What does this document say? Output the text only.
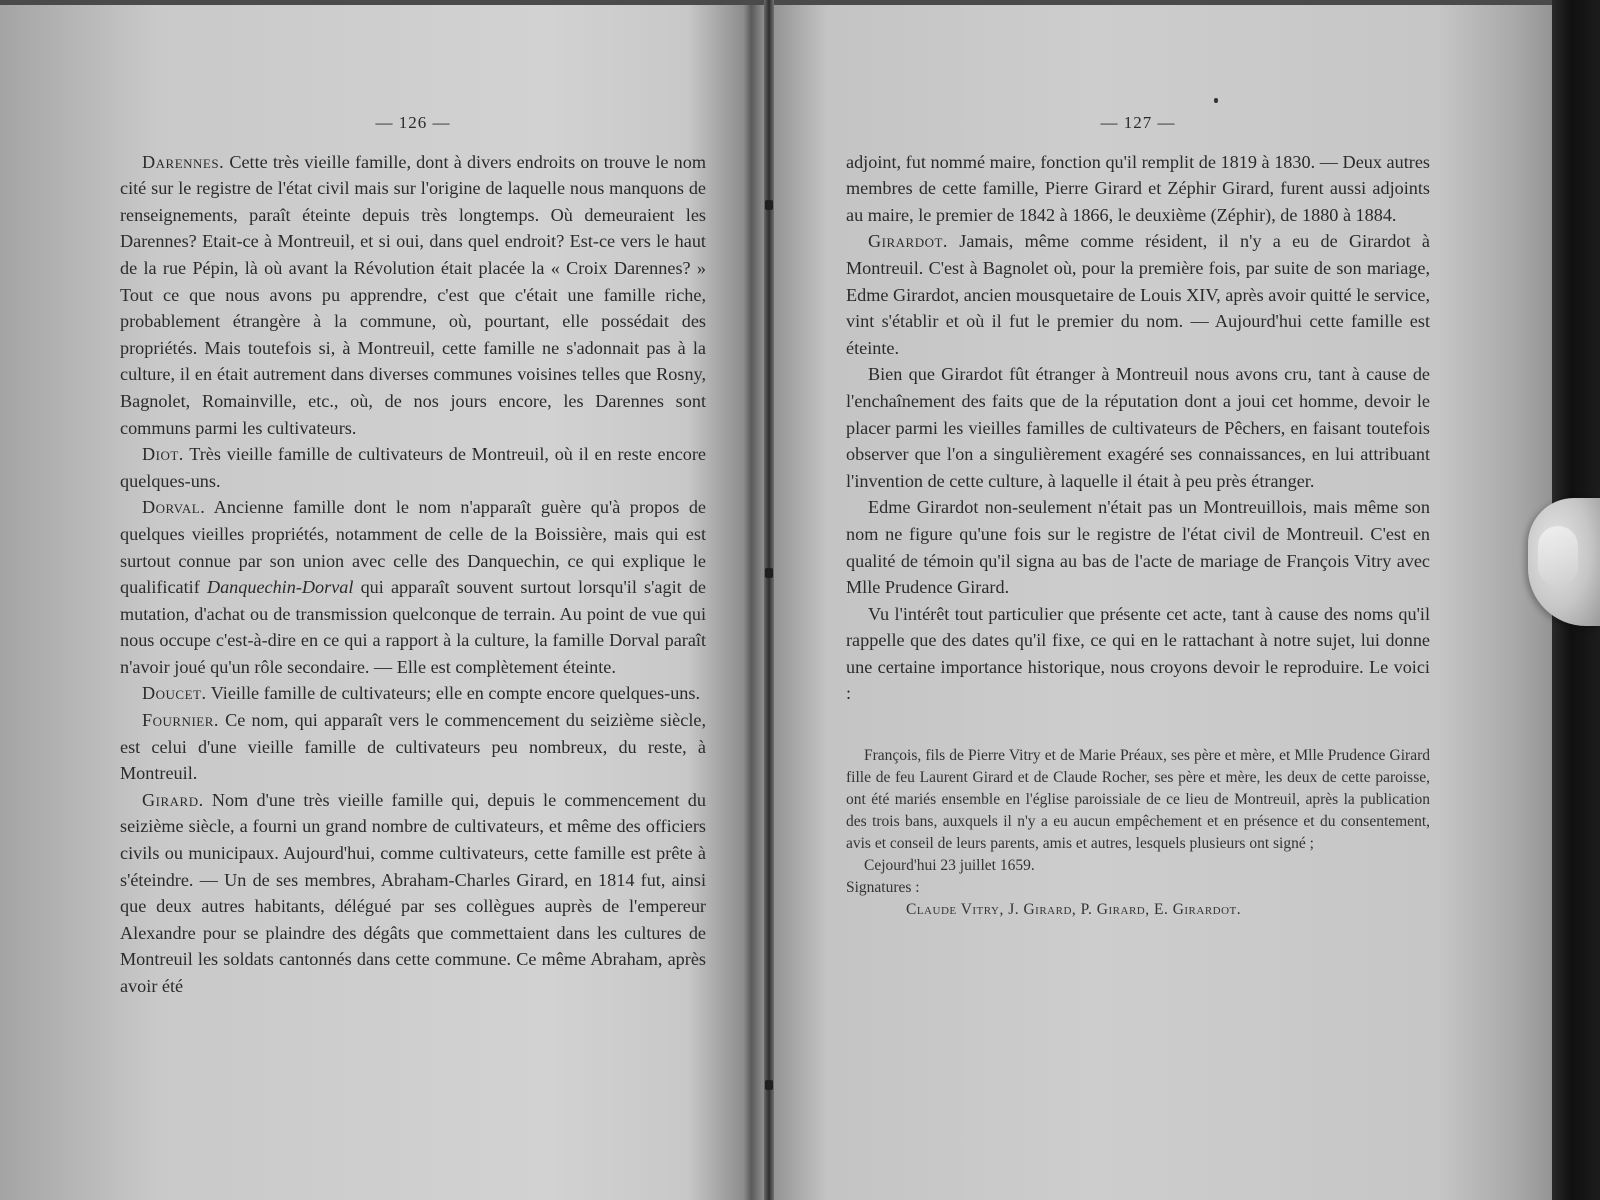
— 126 —

Darennes. Cette très vieille famille, dont à divers endroits on trouve le nom cité sur le registre de l'état civil mais sur l'origine de laquelle nous manquons de renseignements, paraît éteinte depuis très longtemps. Où demeuraient les Darennes? Etait-ce à Montreuil, et si oui, dans quel endroit? Est-ce vers le haut de la rue Pépin, là où avant la Révolution était placée la « Croix Darennes? » Tout ce que nous avons pu apprendre, c'est que c'était une famille riche, probablement étrangère à la commune, où, pourtant, elle possédait des propriétés. Mais toutefois si, à Montreuil, cette famille ne s'adonnait pas à la culture, il en était autrement dans diverses communes voisines telles que Rosny, Bagnolet, Romainville, etc., où, de nos jours encore, les Darennes sont communs parmi les cultivateurs.

Diot. Très vieille famille de cultivateurs de Montreuil, où il en reste encore quelques-uns.

Dorval. Ancienne famille dont le nom n'apparaît guère qu'à propos de quelques vieilles propriétés, notamment de celle de la Boissière, mais qui est surtout connue par son union avec celle des Danquechin, ce qui explique le qualificatif Danquechin-Dorval qui apparaît souvent surtout lorsqu'il s'agit de mutation, d'achat ou de transmission quelconque de terrain. Au point de vue qui nous occupe c'est-à-dire en ce qui a rapport à la culture, la famille Dorval paraît n'avoir joué qu'un rôle secondaire. — Elle est complètement éteinte.

Doucet. Vieille famille de cultivateurs; elle en compte encore quelques-uns.

Fournier. Ce nom, qui apparaît vers le commencement du seizième siècle, est celui d'une vieille famille de cultivateurs peu nombreux, du reste, à Montreuil.

Girard. Nom d'une très vieille famille qui, depuis le commencement du seizième siècle, a fourni un grand nombre de cultivateurs, et même des officiers civils ou municipaux. Aujourd'hui, comme cultivateurs, cette famille est prête à s'éteindre. — Un de ses membres, Abraham-Charles Girard, en 1814 fut, ainsi que deux autres habitants, délégué par ses collègues auprès de l'empereur Alexandre pour se plaindre des dégâts que commettaient dans les cultures de Montreuil les soldats cantonnés dans cette commune. Ce même Abraham, après avoir été

— 127 —

adjoint, fut nommé maire, fonction qu'il remplit de 1819 à 1830. — Deux autres membres de cette famille, Pierre Girard et Zéphir Girard, furent aussi adjoints au maire, le premier de 1842 à 1866, le deuxième (Zéphir), de 1880 à 1884.

Girardot. Jamais, même comme résident, il n'y a eu de Girardot à Montreuil. C'est à Bagnolet où, pour la première fois, par suite de son mariage, Edme Girardot, ancien mousquetaire de Louis XIV, après avoir quitté le service, vint s'établir et où il fut le premier du nom. — Aujourd'hui cette famille est éteinte.

Bien que Girardot fût étranger à Montreuil nous avons cru, tant à cause de l'enchaînement des faits que de la réputation dont a joui cet homme, devoir le placer parmi les vieilles familles de cultivateurs de Pêchers, en faisant toutefois observer que l'on a singulièrement exagéré ses connaissances, en lui attribuant l'invention de cette culture, à laquelle il était à peu près étranger.

Edme Girardot non-seulement n'était pas un Montreuillois, mais même son nom ne figure qu'une fois sur le registre de l'état civil de Montreuil. C'est en qualité de témoin qu'il signa au bas de l'acte de mariage de François Vitry avec Mlle Prudence Girard.

Vu l'intérêt tout particulier que présente cet acte, tant à cause des noms qu'il rappelle que des dates qu'il fixe, ce qui en le rattachant à notre sujet, lui donne une certaine importance historique, nous croyons devoir le reproduire. Le voici :

François, fils de Pierre Vitry et de Marie Préaux, ses père et mère, et Mlle Prudence Girard fille de feu Laurent Girard et de Claude Rocher, ses père et mère, les deux de cette paroisse, ont été mariés ensemble en l'église paroissiale de ce lieu de Montreuil, après la publication des trois bans, auxquels il n'y a eu aucun empêchement et en présence et du consentement, avis et conseil de leurs parents, amis et autres, lesquels plusieurs ont signé ;

Cejourd'hui 23 juillet 1659.

Signatures :

Claude Vitry, J. Girard, P. Girard, E. Girardot.
